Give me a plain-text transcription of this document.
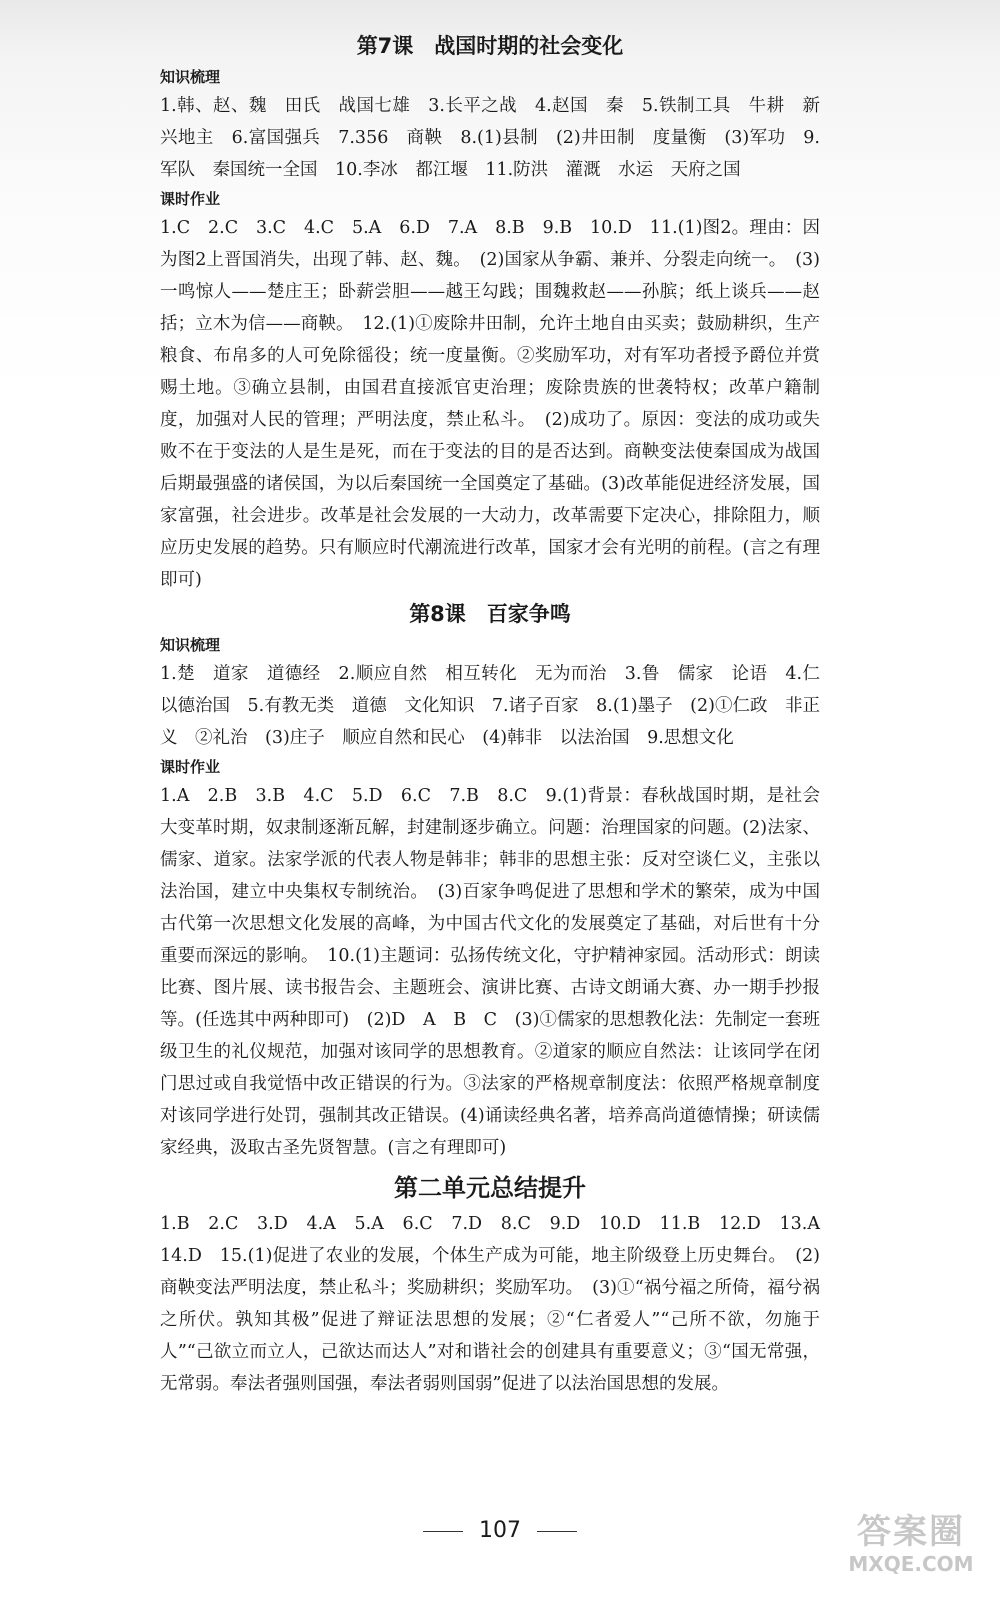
第7课　战国时期的社会变化
知识梳理

1.韩、赵、魏　田氏　战国七雄　3.长平之战　4.赵国　秦　5.铁制工具　牛耕　新兴地主　6.富国强兵　7.356　商鞅　8.(1)县制　(2)井田制　度量衡　(3)军功　9.军队　秦国统一全国　10.李冰　都江堰　11.防洪　灌溉　水运　天府之国

课时作业

1.C　2.C　3.C　4.C　5.A　6.D　7.A　8.B　9.B　10.D　11.(1)图2。理由：因为图2上晋国消失，出现了韩、赵、魏。　(2)国家从争霸、兼并、分裂走向统一。　(3)一鸣惊人——楚庄王；卧薪尝胆——越王勾践；围魏救赵——孙膑；纸上谈兵——赵括；立木为信——商鞅。　12.(1)①废除井田制，允许土地自由买卖；鼓励耕织，生产粮食、布帛多的人可免除徭役；统一度量衡。②奖励军功，对有军功者授予爵位并赏赐土地。③确立县制，由国君直接派官吏治理；废除贵族的世袭特权；改革户籍制度，加强对人民的管理；严明法度，禁止私斗。　(2)成功了。原因：变法的成功或失败不在于变法的人是生是死，而在于变法的目的是否达到。商鞅变法使秦国成为战国后期最强盛的诸侯国，为以后秦国统一全国奠定了基础。(3)改革能促进经济发展，国家富强，社会进步。改革是社会发展的一大动力，改革需要下定决心，排除阻力，顺应历史发展的趋势。只有顺应时代潮流进行改革，国家才会有光明的前程。(言之有理即可)

第8课　百家争鸣
知识梳理

1.楚　道家　道德经　2.顺应自然　相互转化　无为而治　3.鲁　儒家　论语　4.仁　以德治国　5.有教无类　道德　文化知识　7.诸子百家　8.(1)墨子　(2)①仁政　非正义　②礼治　(3)庄子　顺应自然和民心　(4)韩非　以法治国　9.思想文化

课时作业

1.A　2.B　3.B　4.C　5.D　6.C　7.B　8.C　9.(1)背景：春秋战国时期，是社会大变革时期，奴隶制逐渐瓦解，封建制逐步确立。问题：治理国家的问题。(2)法家、儒家、道家。法家学派的代表人物是韩非；韩非的思想主张：反对空谈仁义，主张以法治国，建立中央集权专制统治。　(3)百家争鸣促进了思想和学术的繁荣，成为中国古代第一次思想文化发展的高峰，为中国古代文化的发展奠定了基础，对后世有十分重要而深远的影响。　10.(1)主题词：弘扬传统文化，守护精神家园。活动形式：朗读比赛、图片展、读书报告会、主题班会、演讲比赛、古诗文朗诵大赛、办一期手抄报等。(任选其中两种即可)　(2)D　A　B　C　(3)①儒家的思想教化法：先制定一套班级卫生的礼仪规范，加强对该同学的思想教育。②道家的顺应自然法：让该同学在闭门思过或自我觉悟中改正错误的行为。③法家的严格规章制度法：依照严格规章制度对该同学进行处罚，强制其改正错误。(4)诵读经典名著，培养高尚道德情操；研读儒家经典，汲取古圣先贤智慧。(言之有理即可)

第二单元总结提升

1.B　2.C　3.D　4.A　5.A　6.C　7.D　8.C　9.D　10.D　11.B　12.D　13.A　14.D　15.(1)促进了农业的发展，个体生产成为可能，地主阶级登上历史舞台。　(2)商鞅变法严明法度，禁止私斗；奖励耕织；奖励军功。　(3)①“祸兮福之所倚，福兮祸之所伏。孰知其极”促进了辩证法思想的发展；②“仁者爱人”“己所不欲，勿施于人”“己欲立而立人，己欲达而达人”对和谐社会的创建具有重要意义；③“国无常强，无常弱。奉法者强则国强，奉法者弱则国弱”促进了以法治国思想的发展。

107	答案圈
MXQE.COM
